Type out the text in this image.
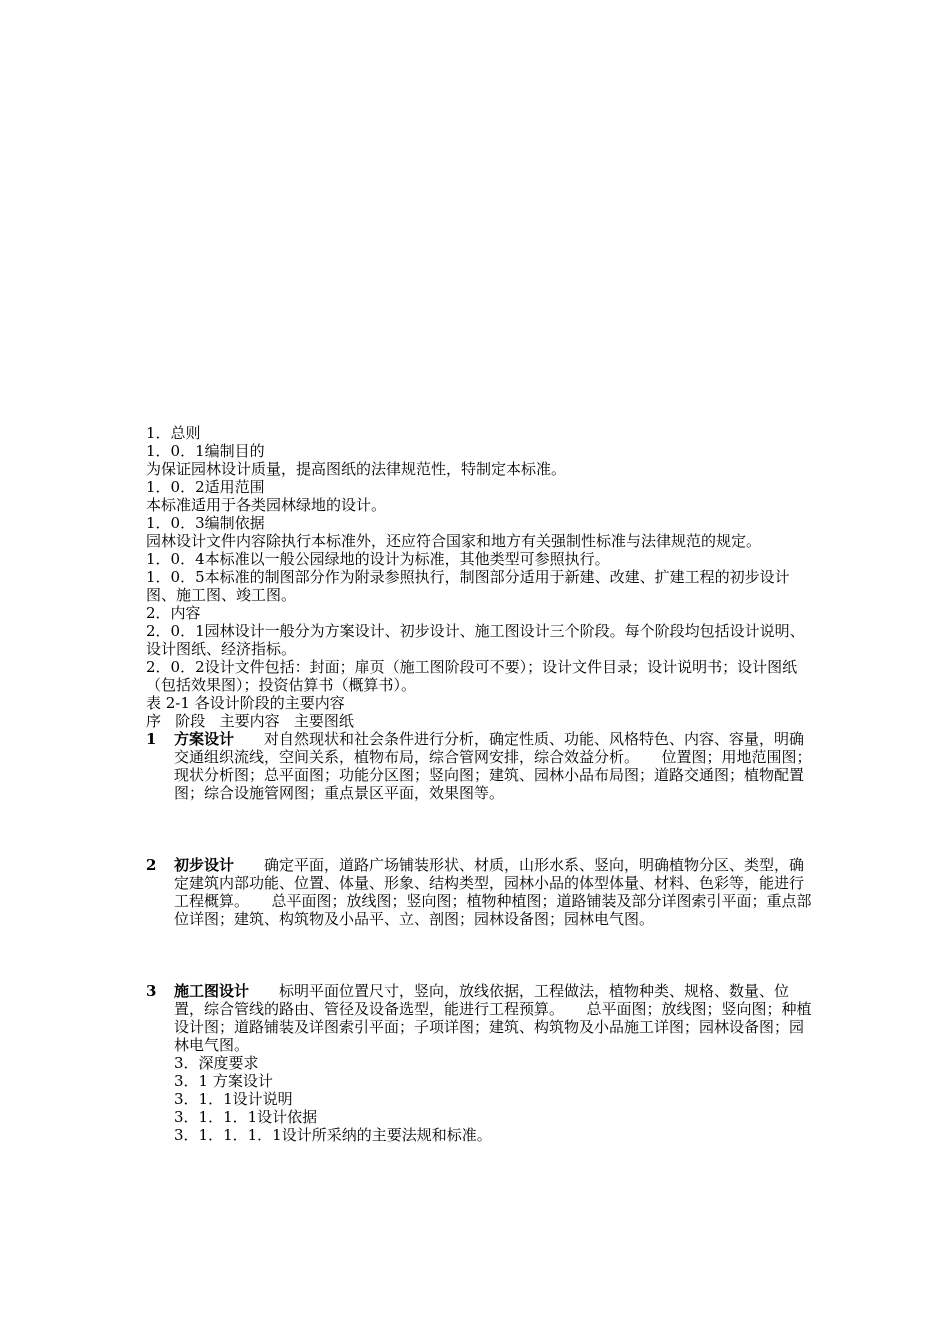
1．总则

1．0．1编制目的

为保证园林设计质量，提高图纸的法律规范性，特制定本标准。

1．0．2适用范围

本标准适用于各类园林绿地的设计。

1．0．3编制依据

园林设计文件内容除执行本标准外，还应符合国家和地方有关强制性标准与法律规范的规定。

1．0．4本标准以一般公园绿地的设计为标准，其他类型可参照执行。

1．0．5本标准的制图部分作为附录参照执行，制图部分适用于新建、改建、扩建工程的初步设计图、施工图、竣工图。

2．内容

2．0．1园林设计一般分为方案设计、初步设计、施工图设计三个阶段。每个阶段均包括设计说明、设计图纸、经济指标。

2．0．2设计文件包括：封面；扉页（施工图阶段可不要）；设计文件目录；设计说明书；设计图纸（包括效果图）；投资估算书（概算书）。

表 2-1 各设计阶段的主要内容

序   阶段   主要内容   主要图纸

1	方案设计　　 对自然现状和社会条件进行分析，确定性质、功能、风格特色、内容、容量，明确交通组织流线，空间关系，植物布局，综合管网安排，综合效益分析。　　 位置图；用地范围图；现状分析图；总平面图；功能分区图；竖向图；建筑、园林小品布局图；道路交通图；植物配置图；综合设施管网图；重点景区平面，效果图等。
2	初步设计　　 确定平面，道路广场铺装形状、材质，山形水系、竖向，明确植物分区、类型，确定建筑内部功能、位置、体量、形象、结构类型，园林小品的体型体量、材料、色彩等，能进行工程概算。　　 总平面图；放线图；竖向图；植物种植图；道路铺装及部分详图索引平面；重点部位详图；建筑、构筑物及小品平、立、剖图；园林设备图；园林电气图。
3	施工图设计　　 标明平面位置尺寸，竖向，放线依据，工程做法，植物种类、规格、数量、位置，综合管线的路由、管径及设备选型，能进行工程预算。　　 总平面图；放线图；竖向图；种植设计图；道路铺装及详图索引平面；子项详图；建筑、构筑物及小品施工详图；园林设备图；园林电气图。

3．深度要求

3．1 方案设计

3．1．1设计说明

3．1．1．1设计依据

3．1．1．1．1设计所采纳的主要法规和标准。
